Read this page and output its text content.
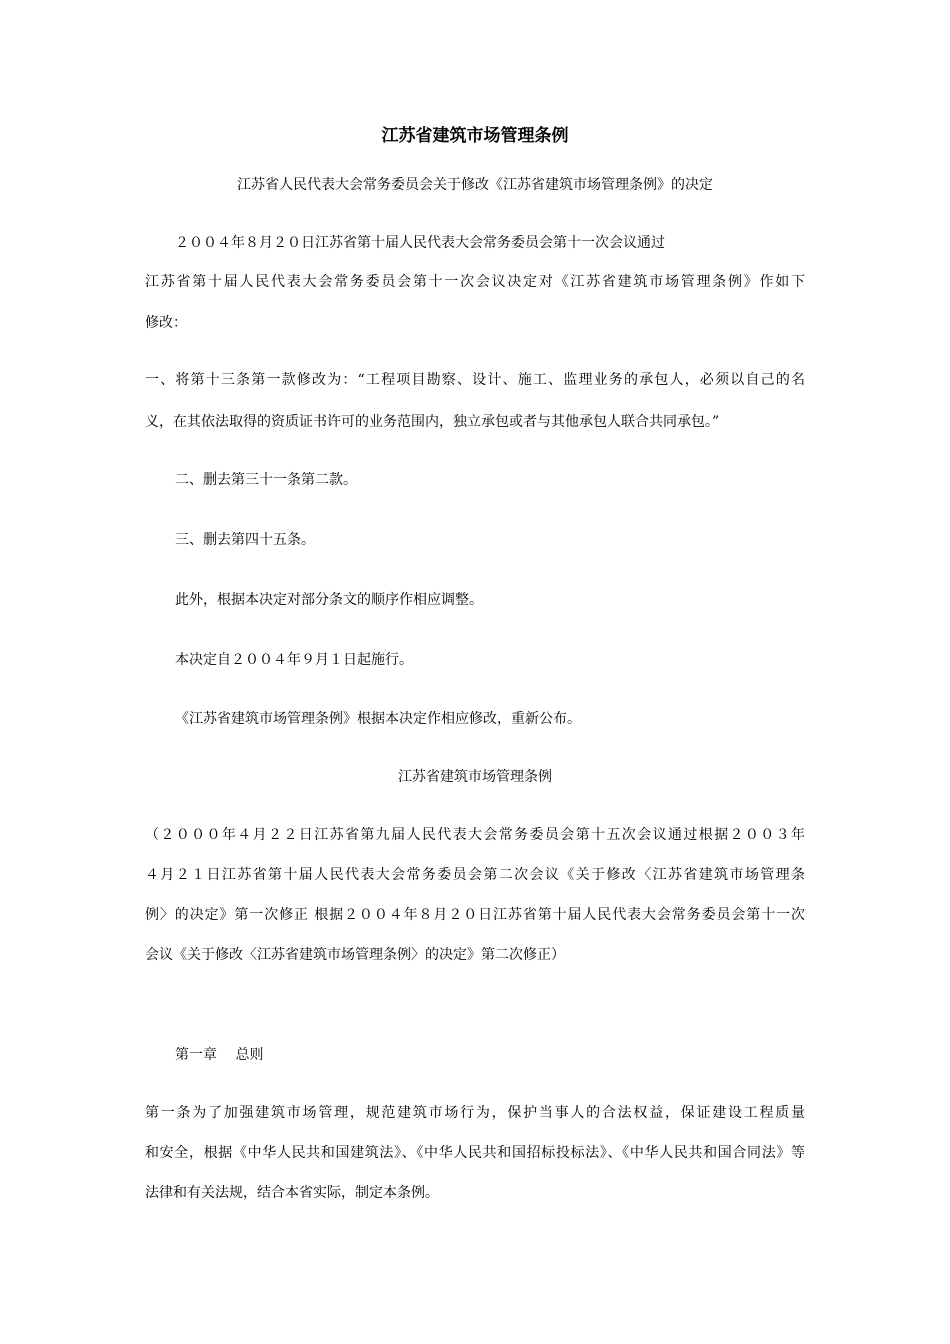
江苏省建筑市场管理条例
江苏省人民代表大会常务委员会关于修改《江苏省建筑市场管理条例》的决定
２００４年８月２０日江苏省第十届人民代表大会常务委员会第十一次会议通过
江苏省第十届人民代表大会常务委员会第十一次会议决定对《江苏省建筑市场管理条例》作如下
修改：
一、将第十三条第一款修改为：“工程项目勘察、设计、施工、监理业务的承包人，必须以自己的名
义，在其依法取得的资质证书许可的业务范围内，独立承包或者与其他承包人联合共同承包。”
二、删去第三十一条第二款。
三、删去第四十五条。
此外，根据本决定对部分条文的顺序作相应调整。
本决定自２００４年９月１日起施行。
《江苏省建筑市场管理条例》根据本决定作相应修改，重新公布。
江苏省建筑市场管理条例
（２０００年４月２２日江苏省第九届人民代表大会常务委员会第十五次会议通过根据２００３年
４月２１日江苏省第十届人民代表大会常务委员会第二次会议《关于修改〈江苏省建筑市场管理条
例〉的决定》第一次修正 根据２００４年８月２０日江苏省第十届人民代表大会常务委员会第十一次
会议《关于修改〈江苏省建筑市场管理条例〉的决定》第二次修正）
第一章　 总则
第一条为了加强建筑市场管理，规范建筑市场行为，保护当事人的合法权益，保证建设工程质量
和安全，根据《中华人民共和国建筑法》、《中华人民共和国招标投标法》、《中华人民共和国合同法》等
法律和有关法规，结合本省实际，制定本条例。
